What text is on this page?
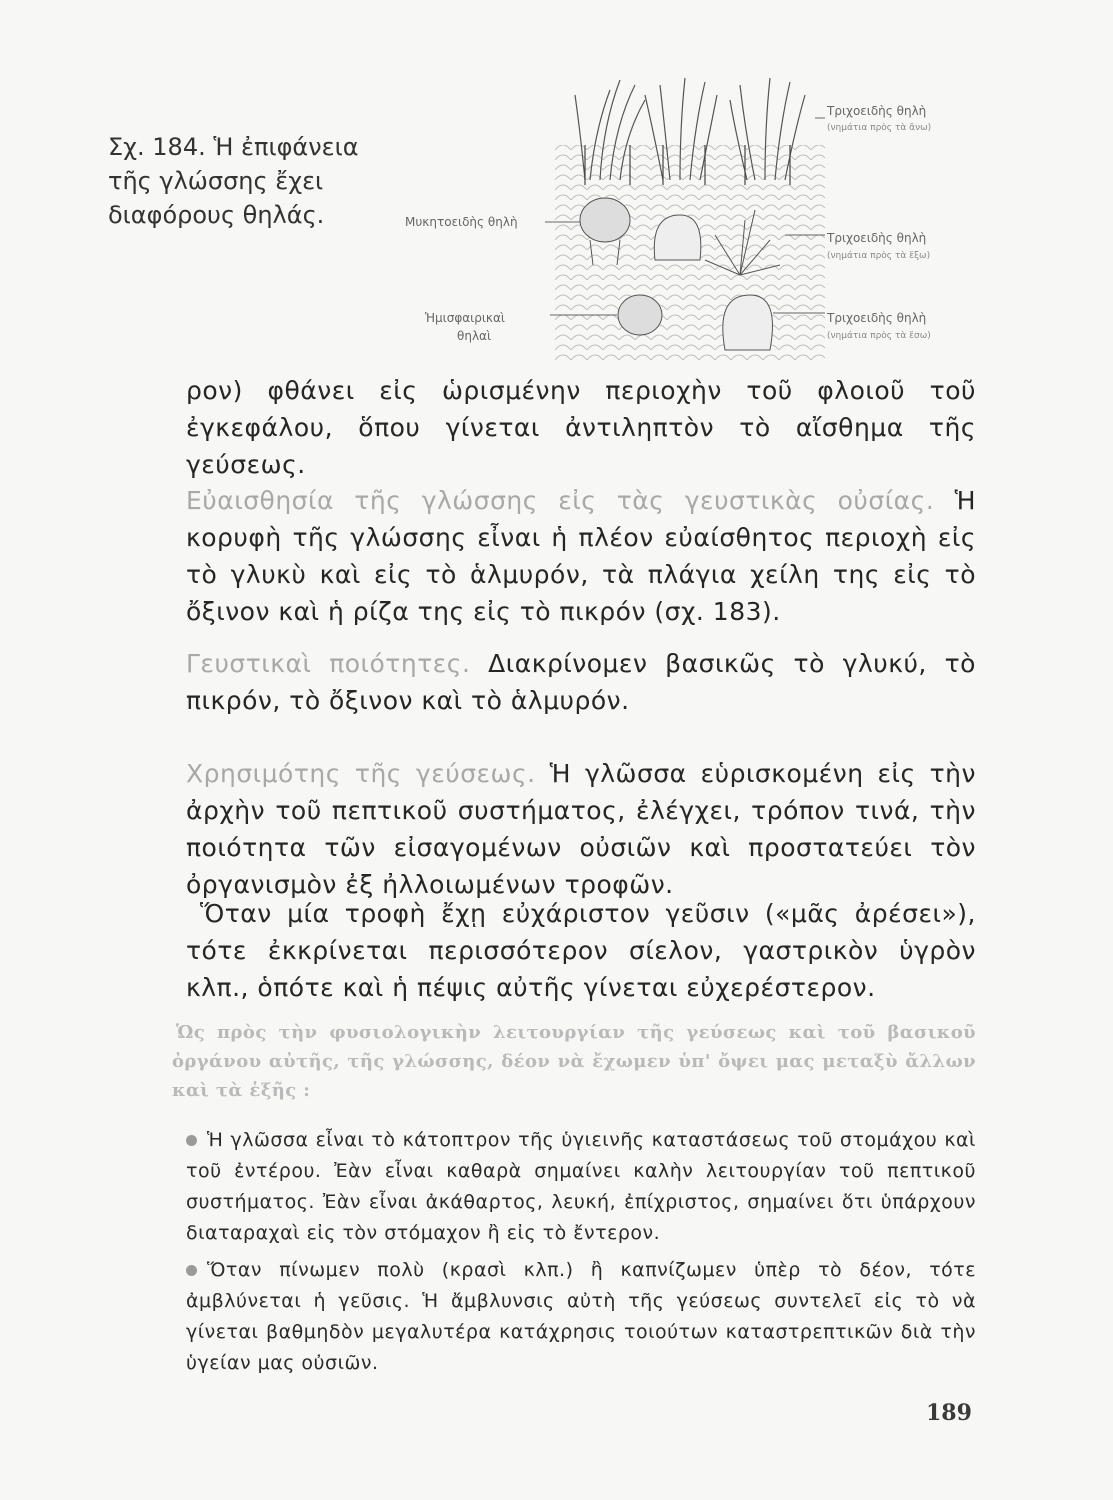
Σχ. 184. Ἡ ἐπιφάνεια τῆς γλώσσης ἔχει διαφόρους θηλάς.	Μυκητοειδὴς θηλὴ
Ἡμισφαιρικαὶ
θηλαὶ
Τριχοειδὴς θηλὴ
(νημάτια πρὸς τὰ ἄνω)
Τριχοειδὴς θηλὴ
(νημάτια πρὸς τὰ ἔξω)
Τριχοειδὴς θηλὴ
(νημάτια πρὸς τὰ ἔσω)
ρον) φθάνει εἰς ὡρισμένην περιοχὴν τοῦ φλοιοῦ τοῦ ἐγκεφάλου, ὅπου γίνεται ἀντιληπτὸν τὸ αἴσθημα τῆς γεύσεως.
Εὐαισθησία τῆς γλώσσης εἰς τὰς γευστικὰς οὐσίας. Ἡ κορυφὴ τῆς γλώσσης εἶναι ἡ πλέον εὐαίσθητος περιοχὴ εἰς τὸ γλυκὺ καὶ εἰς τὸ ἁλμυρόν, τὰ πλάγια χείλη της εἰς τὸ ὄξινον καὶ ἡ ρίζα της εἰς τὸ πικρόν (σχ. 183).
Γευστικαὶ ποιότητες. Διακρίνομεν βασικῶς τὸ γλυκύ, τὸ πικρόν, τὸ ὄξινον καὶ τὸ ἁλμυρόν.
Χρησιμότης τῆς γεύσεως. Ἡ γλῶσσα εὑρισκομένη εἰς τὴν ἀρχὴν τοῦ πεπτικοῦ συστήματος, ἐλέγχει, τρόπον τινά, τὴν ποιότητα τῶν εἰσαγομένων οὐσιῶν καὶ προστατεύει τὸν ὀργανισμὸν ἐξ ἠλλοιωμένων τροφῶν.
Ὅταν μία τροφὴ ἔχῃ εὐχάριστον γεῦσιν («μᾶς ἀρέσει»), τότε ἐκκρίνεται περισσότερον σίελον, γαστρικὸν ὑγρὸν κλπ., ὁπότε καὶ ἡ πέψις αὐτῆς γίνεται εὐχερέστερον.
Ὡς πρὸς τὴν φυσιολογικὴν λειτουργίαν τῆς γεύσεως καὶ τοῦ βασικοῦ ὀργάνου αὐτῆς, τῆς γλώσσης, δέον νὰ ἔχωμεν ὑπ' ὄψει μας μεταξὺ ἄλλων καὶ τὰ ἑξῆς :
Ἡ γλῶσσα εἶναι τὸ κάτοπτρον τῆς ὑγιεινῆς καταστάσεως τοῦ στομάχου καὶ τοῦ ἐντέρου. Ἐὰν εἶναι καθαρὰ σημαίνει καλὴν λειτουργίαν τοῦ πεπτικοῦ συστήματος. Ἐὰν εἶναι ἀκάθαρτος, λευκή, ἐπίχριστος, σημαίνει ὅτι ὑπάρχουν διαταραχαὶ εἰς τὸν στόμαχον ἢ εἰς τὸ ἔντερον.
Ὅταν πίνωμεν πολὺ (κρασὶ κλπ.) ἢ καπνίζωμεν ὑπὲρ τὸ δέον, τότε ἀμβλύνεται ἡ γεῦσις. Ἡ ἄμβλυνσις αὐτὴ τῆς γεύσεως συντελεῖ εἰς τὸ νὰ γίνεται βαθμηδὸν μεγαλυτέρα κατάχρησις τοιούτων καταστρεπτικῶν διὰ τὴν ὑγείαν μας οὐσιῶν.
189
